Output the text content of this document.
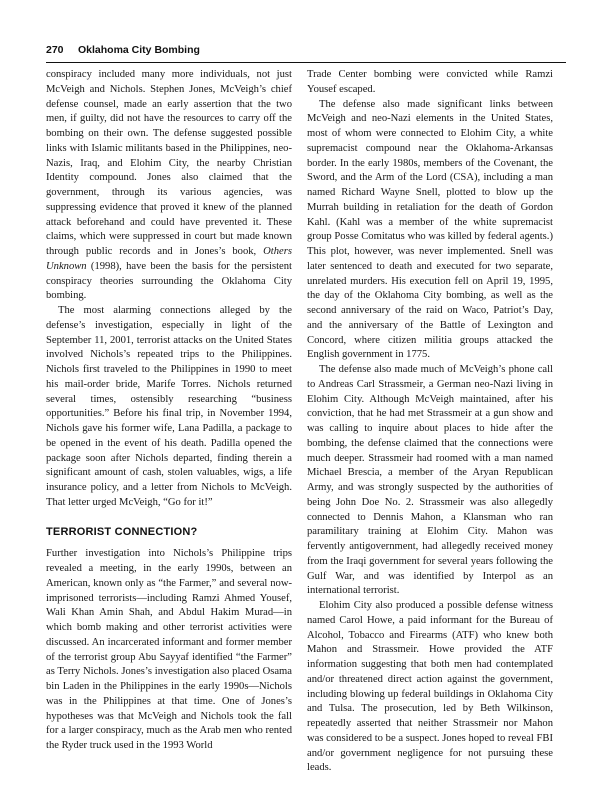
270 Oklahoma City Bombing

conspiracy included many more individuals, not just McVeigh and Nichols. Stephen Jones, McVeigh’s chief defense counsel, made an early assertion that the two men, if guilty, did not have the resources to carry off the bombing on their own. The defense suggested possible links with Islamic militants based in the Philippines, neo-Nazis, Iraq, and Elohim City, the nearby Christian Identity compound. Jones also claimed that the government, through its various agencies, was suppressing evidence that proved it knew of the planned attack beforehand and could have prevented it. These claims, which were suppressed in court but made known through public records and in Jones’s book, Others Unknown (1998), have been the basis for the persistent conspiracy theories surrounding the Oklahoma City bombing.

The most alarming connections alleged by the defense’s investigation, especially in light of the September 11, 2001, terrorist attacks on the United States involved Nichols’s repeated trips to the Philippines. Nichols first traveled to the Philippines in 1990 to meet his mail-order bride, Marife Torres. Nichols returned several times, ostensibly researching “business opportunities.” Before his final trip, in November 1994, Nichols gave his former wife, Lana Padilla, a package to be opened in the event of his death. Padilla opened the package soon after Nichols departed, finding therein a significant amount of cash, stolen valuables, wigs, a life insurance policy, and a letter from Nichols to McVeigh. That letter urged McVeigh, “Go for it!”

TERRORIST CONNECTION?

Further investigation into Nichols’s Philippine trips revealed a meeting, in the early 1990s, between an American, known only as “the Farmer,” and several now-imprisoned terrorists—including Ramzi Ahmed Yousef, Wali Khan Amin Shah, and Abdul Hakim Murad—in which bomb making and other terrorist activities were discussed. An incarcerated informant and former member of the terrorist group Abu Sayyaf identified “the Farmer” as Terry Nichols. Jones’s investigation also placed Osama bin Laden in the Philippines in the early 1990s—Nichols was in the Philippines at that time. One of Jones’s hypotheses was that McVeigh and Nichols took the fall for a larger conspiracy, much as the Arab men who rented the Ryder truck used in the 1993 World

Trade Center bombing were convicted while Ramzi Yousef escaped.

The defense also made significant links between McVeigh and neo-Nazi elements in the United States, most of whom were connected to Elohim City, a white supremacist compound near the Oklahoma-Arkansas border. In the early 1980s, members of the Covenant, the Sword, and the Arm of the Lord (CSA), including a man named Richard Wayne Snell, plotted to blow up the Murrah building in retaliation for the death of Gordon Kahl. (Kahl was a member of the white supremacist group Posse Comitatus who was killed by federal agents.) This plot, however, was never implemented. Snell was later sentenced to death and executed for two separate, unrelated murders. His execution fell on April 19, 1995, the day of the Oklahoma City bombing, as well as the second anniversary of the raid on Waco, Patriot’s Day, and the anniversary of the Battle of Lexington and Concord, where citizen militia groups attacked the English government in 1775.

The defense also made much of McVeigh’s phone call to Andreas Carl Strassmeir, a German neo-Nazi living in Elohim City. Although McVeigh maintained, after his conviction, that he had met Strassmeir at a gun show and was calling to inquire about places to hide after the bombing, the defense claimed that the connections were much deeper. Strassmeir had roomed with a man named Michael Brescia, a member of the Aryan Republican Army, and was strongly suspected by the authorities of being John Doe No. 2. Strassmeir was also allegedly connected to Dennis Mahon, a Klansman who ran paramilitary training at Elohim City. Mahon was fervently antigovernment, had allegedly received money from the Iraqi government for several years following the Gulf War, and was identified by Interpol as an international terrorist.

Elohim City also produced a possible defense witness named Carol Howe, a paid informant for the Bureau of Alcohol, Tobacco and Firearms (ATF) who knew both Mahon and Strassmeir. Howe provided the ATF information suggesting that both men had contemplated and/or threatened direct action against the government, including blowing up federal buildings in Oklahoma City and Tulsa. The prosecution, led by Beth Wilkinson, repeatedly asserted that neither Strassmeir nor Mahon was considered to be a suspect. Jones hoped to reveal FBI and/or government negligence for not pursuing these leads.
